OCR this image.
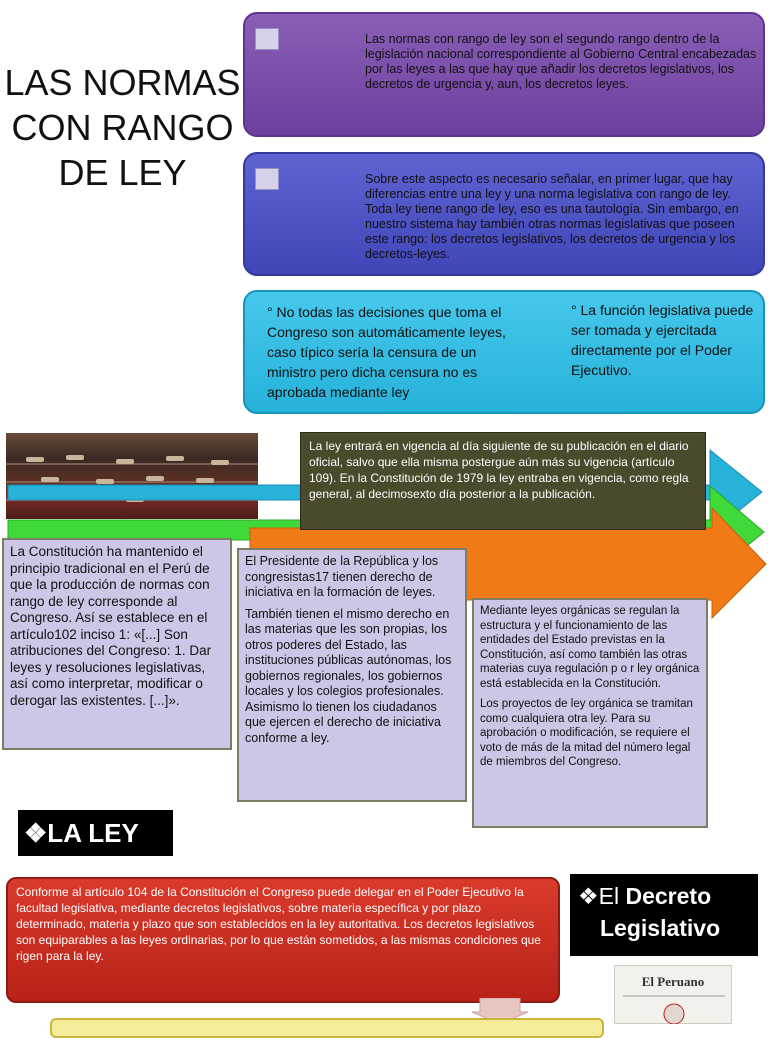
LAS NORMAS CON RANGO DE LEY
Las normas con rango de ley son el segundo rango dentro de la legislación nacional correspondiente al Gobierno Central encabezadas por las leyes a las que hay que añadir los decretos legislativos, los decretos de urgencia y, aun, los decretos leyes.
Sobre este aspecto es necesario señalar, en primer lugar, que hay diferencias entre una ley y una norma legislativa con rango de ley. Toda ley tiene rango de ley, eso es una tautología. Sin embargo, en nuestro sistema hay también otras normas legislativas que poseen este rango: los decretos legislativos, los decretos de urgencia y los decretos-leyes.
° No todas las decisiones que toma el Congreso son automáticamente leyes, caso típico sería la censura de un ministro pero dicha censura no es aprobada mediante ley
° La función legislativa puede ser tomada y ejercitada directamente por el Poder Ejecutivo.
La ley entrará en vigencia al día siguiente de su publicación en el diario oficial, salvo que ella misma postergue aún más su vigencia (artículo 109). En la Constitución de 1979 la ley entraba en vigencia, como regla general, al decimosexto día posterior a la publicación.
La Constitución ha mantenido el principio tradicional en el Perú de que la producción de normas con rango de ley corresponde al Congreso. Así se establece en el artículo102 inciso 1: «[...] Son atribuciones del Congreso: 1. Dar leyes y resoluciones legislativas, así como interpretar, modificar o derogar las existentes. [...]».

El Presidente de la República y los congresistas17 tienen derecho de iniciativa en la formación de leyes.

También tienen el mismo derecho en las materias que les son propias, los otros poderes del Estado, las instituciones públicas autónomas, los gobiernos regionales, los gobiernos locales y los colegios profesionales. Asimismo lo tienen los ciudadanos que ejercen el derecho de iniciativa conforme a ley.

Mediante leyes orgánicas se regulan la estructura y el funcionamiento de las entidades del Estado previstas en la Constitución, así como también las otras materias cuya regulación p o r ley orgánica está establecida en la Constitución.

Los proyectos de ley orgánica se tramitan como cualquiera otra ley. Para su aprobación o modificación, se requiere el voto de más de la mitad del número legal de miembros del Congreso.

❖LA LEY
❖El Decreto
Legislativo
Conforme al artículo 104 de la Constitución el Congreso puede delegar en el Poder Ejecutivo la facultad legislativa, mediante decretos legislativos, sobre materia específica y por plazo determinado, materia y plazo que son establecidos en la ley autoritativa. Los decretos legislativos son equiparables a las leyes ordinarias, por lo que están sometidos, a las mismas condiciones que rigen para la ley.
El Peruano
